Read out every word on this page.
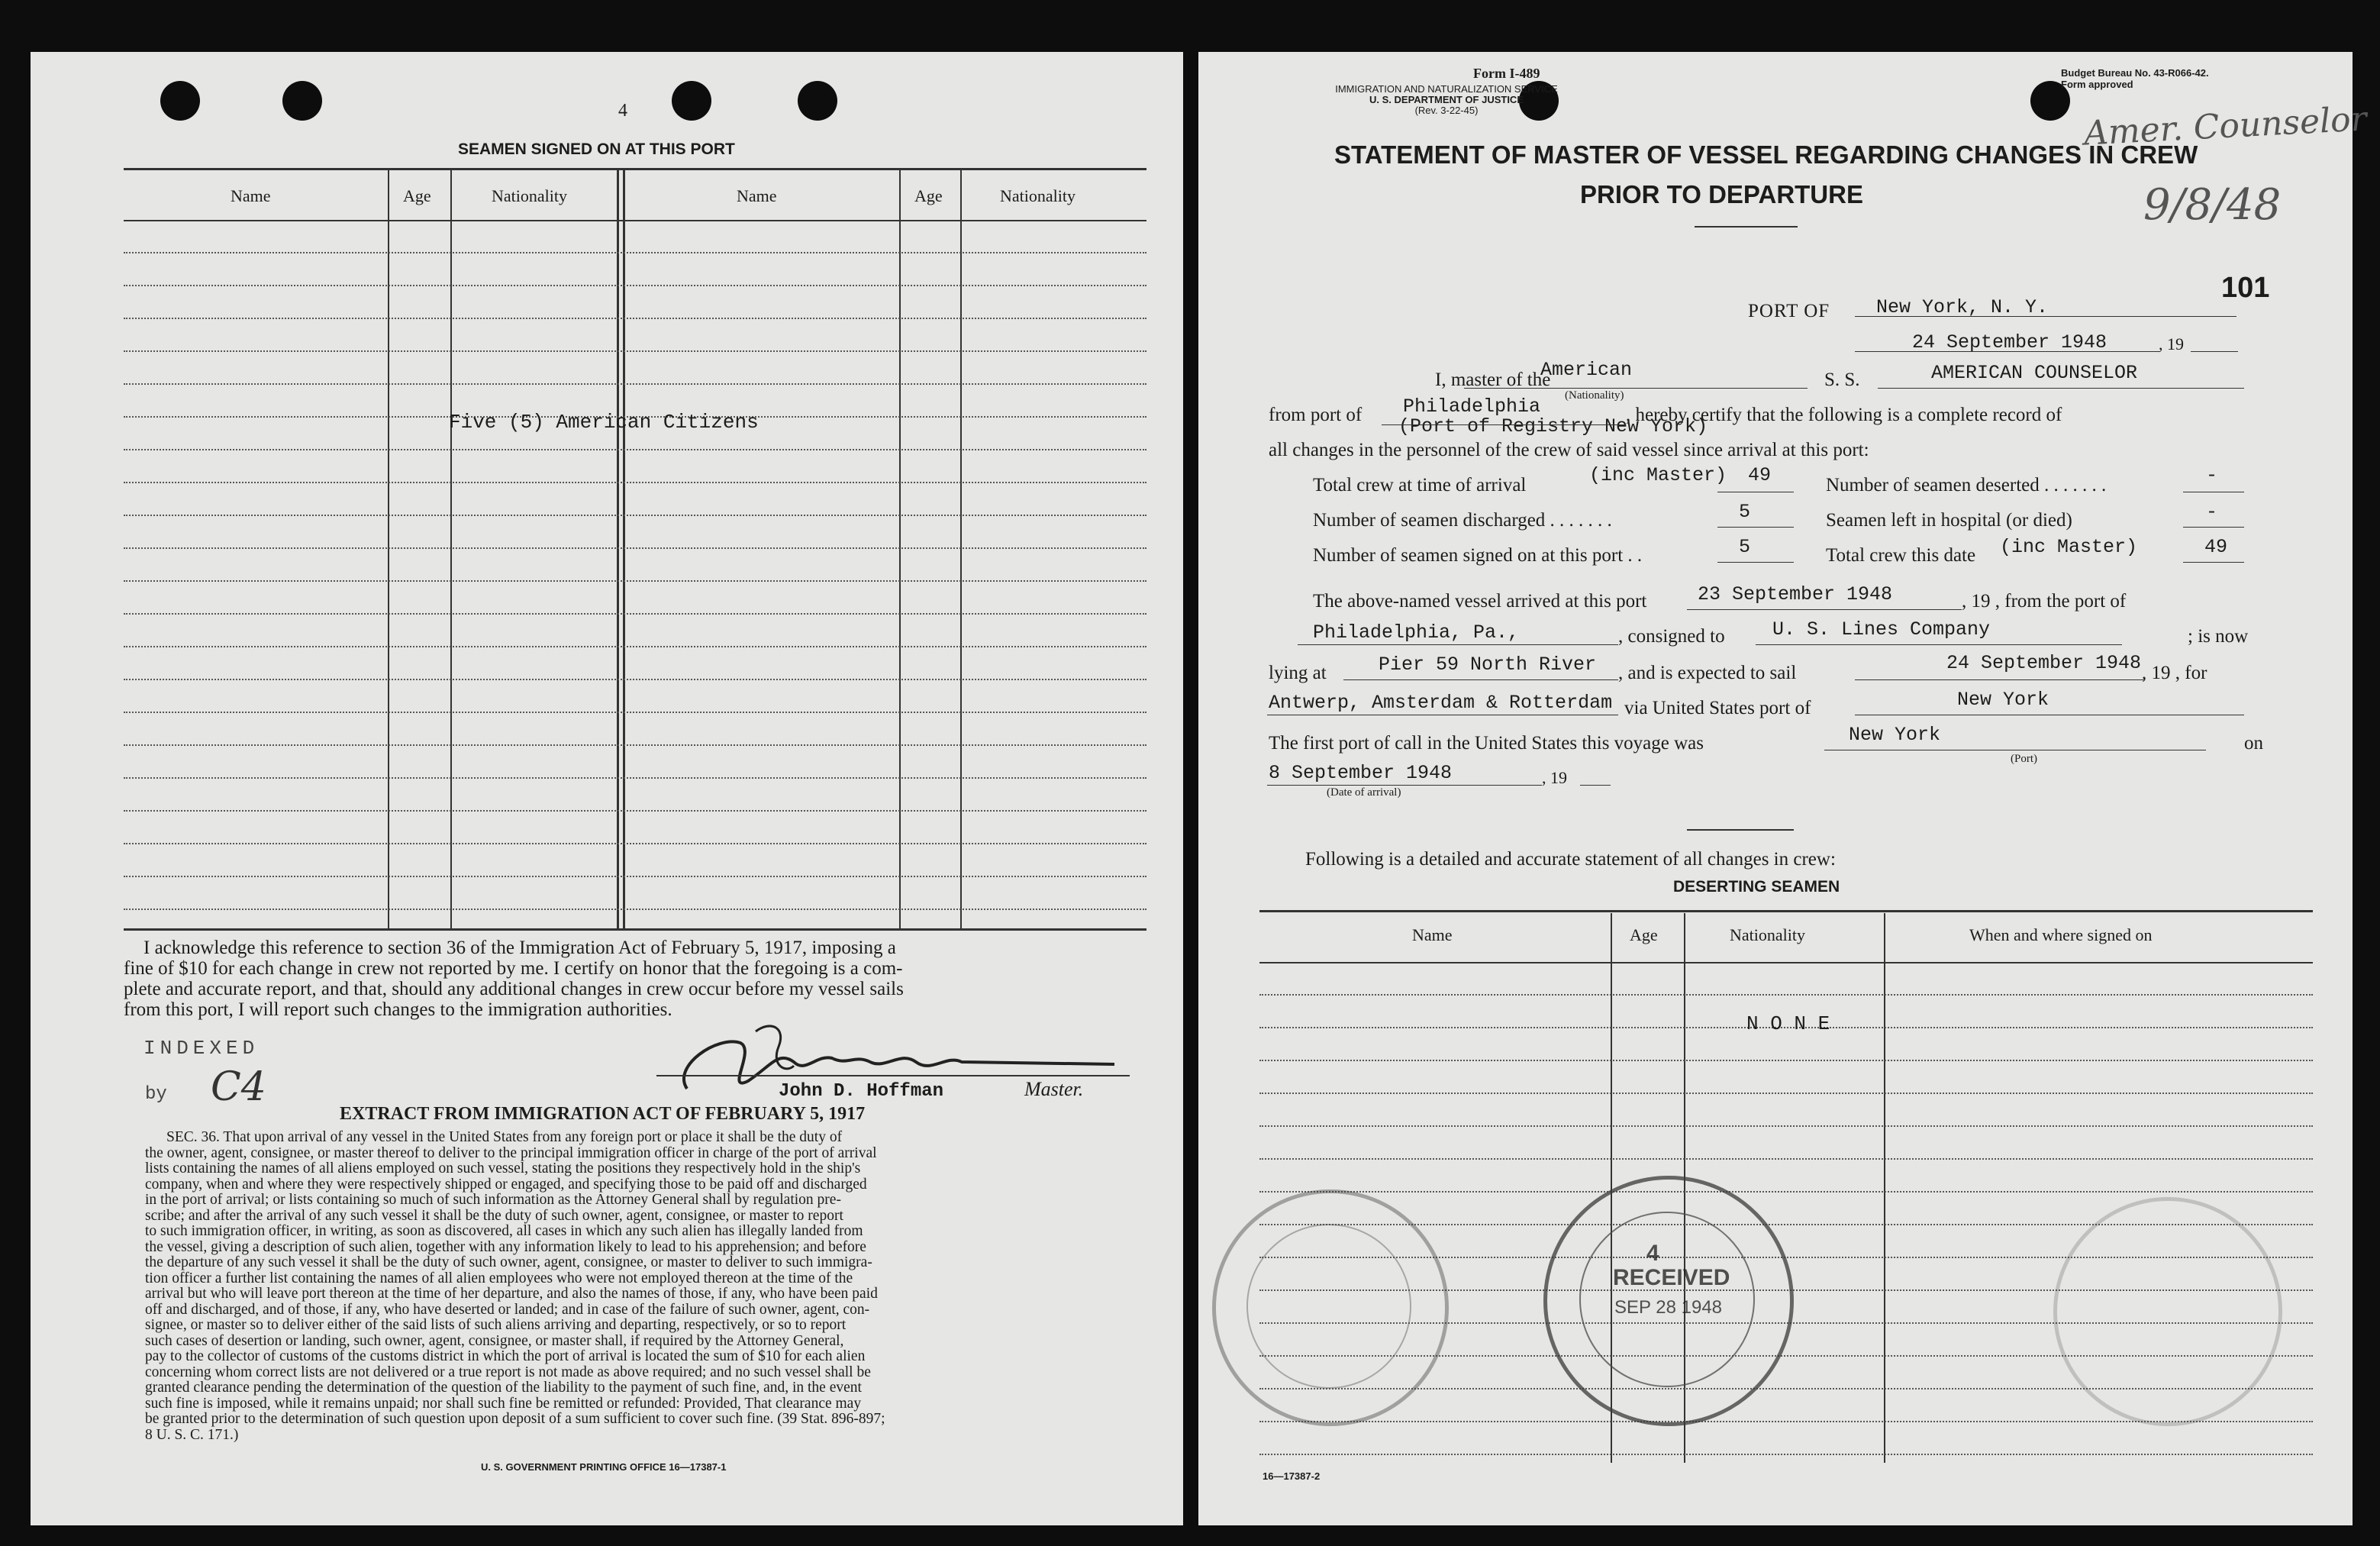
4
SEAMEN SIGNED ON AT THIS PORT
Name	Age	Nationality	Name	Age	Nationality
Five (5) American Citizens
I acknowledge this reference to section 36 of the Immigration Act of February 5, 1917, imposing a
fine of $10 for each change in crew not reported by me. I certify on honor that the foregoing is a com-
plete and accurate report, and that, should any additional changes in crew occur before my vessel sails
from this port, I will report such changes to the immigration authorities.
INDEXED
by C4	John D. Hoffman	Master.
EXTRACT FROM IMMIGRATION ACT OF FEBRUARY 5, 1917
SEC. 36. That upon arrival of any vessel in the United States from any foreign port or place it shall be the duty of
the owner, agent, consignee, or master thereof to deliver to the principal immigration officer in charge of the port of arrival
lists containing the names of all aliens employed on such vessel, stating the positions they respectively hold in the ship's
company, when and where they were respectively shipped or engaged, and specifying those to be paid off and discharged
in the port of arrival; or lists containing so much of such information as the Attorney General shall by regulation pre-
scribe; and after the arrival of any such vessel it shall be the duty of such owner, agent, consignee, or master to report
to such immigration officer, in writing, as soon as discovered, all cases in which any such alien has illegally landed from
the vessel, giving a description of such alien, together with any information likely to lead to his apprehension; and before
the departure of any such vessel it shall be the duty of such owner, agent, consignee, or master to deliver to such immigra-
tion officer a further list containing the names of all alien employees who were not employed thereon at the time of the
arrival but who will leave port thereon at the time of her departure, and also the names of those, if any, who have been paid
off and discharged, and of those, if any, who have deserted or landed; and in case of the failure of such owner, agent, con-
signee, or master so to deliver either of the said lists of such aliens arriving and departing, respectively, or so to report
such cases of desertion or landing, such owner, agent, consignee, or master shall, if required by the Attorney General,
pay to the collector of customs of the customs district in which the port of arrival is located the sum of $10 for each alien
concerning whom correct lists are not delivered or a true report is not made as above required; and no such vessel shall be
granted clearance pending the determination of the question of the liability to the payment of such fine, and, in the event
such fine is imposed, while it remains unpaid; nor shall such fine be remitted or refunded: Provided, That clearance may
be granted prior to the determination of such question upon deposit of a sum sufficient to cover such fine. (39 Stat. 896-897;
8 U. S. C. 171.)
U. S. GOVERNMENT PRINTING OFFICE 16—17387-1
Form I-489
IMMIGRATION AND NATURALIZATION SERVICE
U. S. DEPARTMENT OF JUSTICE
(Rev. 3-22-45)
Budget Bureau No. 43-R066-42.
Form approved
Amer. Counselor
9/8/48
STATEMENT OF MASTER OF VESSEL REGARDING CHANGES IN CREW
PRIOR TO DEPARTURE
101
PORT OF New York, N. Y.
24 September 1948	, 19
I, master of the
American
(Nationality)
S. S.	AMERICAN COUNSELOR
from port of Philadelphia
(Port of Registry New York)
, hereby certify that the following is a complete record of
all changes in the personnel of the crew of said vessel since arrival at this port:
Total crew at time of arrival	(inc Master) 49	Number of seamen deserted . . . . . . .	-
Number of seamen discharged . . . . . . .	5	Seamen left in hospital (or died)	-
Number of seamen signed on at this port . .	5	Total crew this date (inc Master)	49
The above-named vessel arrived at this port	23 September 1948	, 19 , from the port of
Philadelphia, Pa.,	, consigned to U. S. Lines Company	; is now
lying at	Pier 59 North River , and is expected to sail	24 September 1948 , 19 , for
Antwerp, Amsterdam & Rotterdam via United States port of	New York
The first port of call in the United States this voyage was	New York
(Port)
on
8 September 1948
(Date of arrival)
, 19
Following is a detailed and accurate statement of all changes in crew:
DESERTING SEAMEN
Name	Age	Nationality	When and where signed on
N O N E
4
RECEIVED
SEP 28 1948
16—17387-2
